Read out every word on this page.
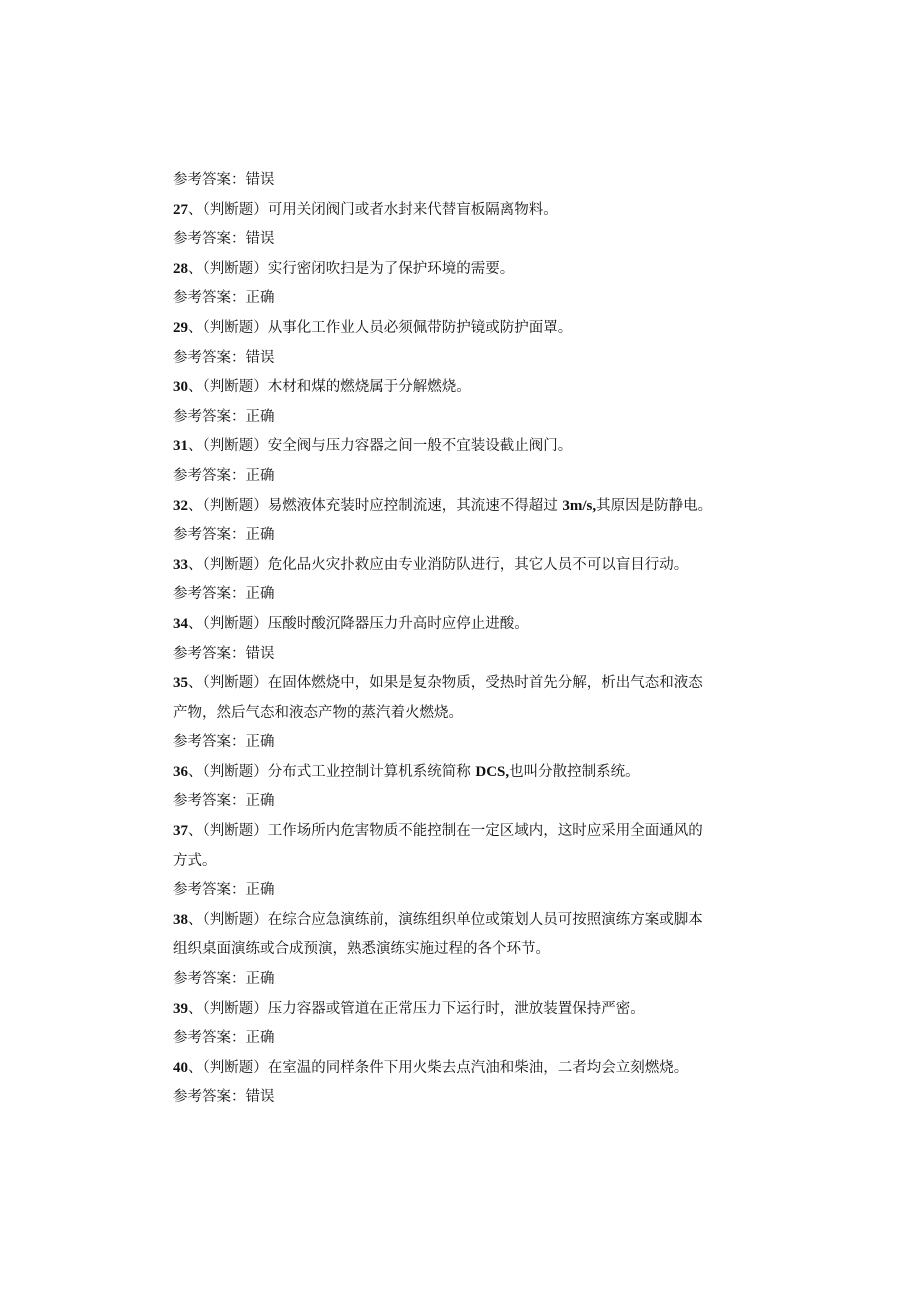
参考答案：错误
27、（判断题）可用关闭阀门或者水封来代替盲板隔离物料。
参考答案：错误
28、（判断题）实行密闭吹扫是为了保护环境的需要。
参考答案：正确
29、（判断题）从事化工作业人员必须佩带防护镜或防护面罩。
参考答案：错误
30、（判断题）木材和煤的燃烧属于分解燃烧。
参考答案：正确
31、（判断题）安全阀与压力容器之间一般不宜装设截止阀门。
参考答案：正确
32、（判断题）易燃液体充装时应控制流速，其流速不得超过 3m/s,其原因是防静电。
参考答案：正确
33、（判断题）危化品火灾扑救应由专业消防队进行，其它人员不可以盲目行动。
参考答案：正确
34、（判断题）压酸时酸沉降器压力升高时应停止进酸。
参考答案：错误
35、（判断题）在固体燃烧中，如果是复杂物质，受热时首先分解，析出气态和液态
产物，然后气态和液态产物的蒸汽着火燃烧。
参考答案：正确
36、（判断题）分布式工业控制计算机系统简称 DCS,也叫分散控制系统。
参考答案：正确
37、（判断题）工作场所内危害物质不能控制在一定区域内，这时应采用全面通风的
方式。
参考答案：正确
38、（判断题）在综合应急演练前，演练组织单位或策划人员可按照演练方案或脚本
组织桌面演练或合成预演，熟悉演练实施过程的各个环节。
参考答案：正确
39、（判断题）压力容器或管道在正常压力下运行时，泄放装置保持严密。
参考答案：正确
40、（判断题）在室温的同样条件下用火柴去点汽油和柴油，二者均会立刻燃烧。
参考答案：错误
